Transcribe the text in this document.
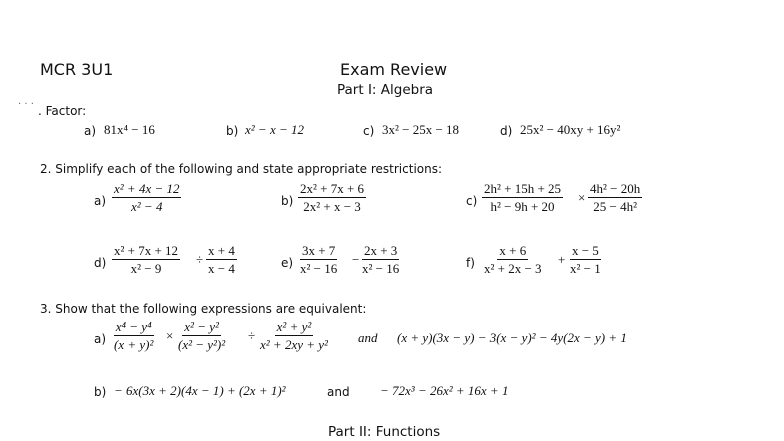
MCR 3U1	Exam Review
Part I: Algebra
. . .
. Factor:
a) 81x⁴ − 16	b) x² − x − 12	c) 3x² − 25x − 18	d) 25x² − 40xy + 16y²
2. Simplify each of the following and state appropriate restrictions:
$a) \frac{\text{x² + 4x − 12}}{\text{x² − 4}}$	$b) \frac{\text{2x² + 7x + 6}}{\text{2x² + x − 3}}$	$c) \frac{\text{2h² + 15h + 25}}{\text{h² − 9h + 20}} \times \frac{\text{4h² − 20h}}{\text{25 − 4h²}}$
$d) \frac{\text{x² + 7x + 12}}{\text{x² − 9}} \div \frac{x + 4}{x - 4}$	$e) \frac{3x + 7}{\text{x² − 16}} - \frac{2x + 3}{\text{x² − 16}}$	$f) \frac{x + 6}{\text{x² + 2x − 3}} + \frac{x - 5}{\text{x² − 1}}$
3. Show that the following expressions are equivalent:
$a) \frac{\text{x⁴ − y⁴}}{\text{(x + y)²}} \times \frac{\text{x² − y²}}{\text{(x² − y²)²}} \div \frac{\text{x² + y²}}{\text{x² + 2xy + y²}}$ and (x + y)(3x − y) − 3(x − y)² − 4y(2x − y) + 1
b) − 6x(3x + 2)(4x − 1) + (2x + 1)²	and − 72x³ − 26x² + 16x + 1
Part II: Functions
